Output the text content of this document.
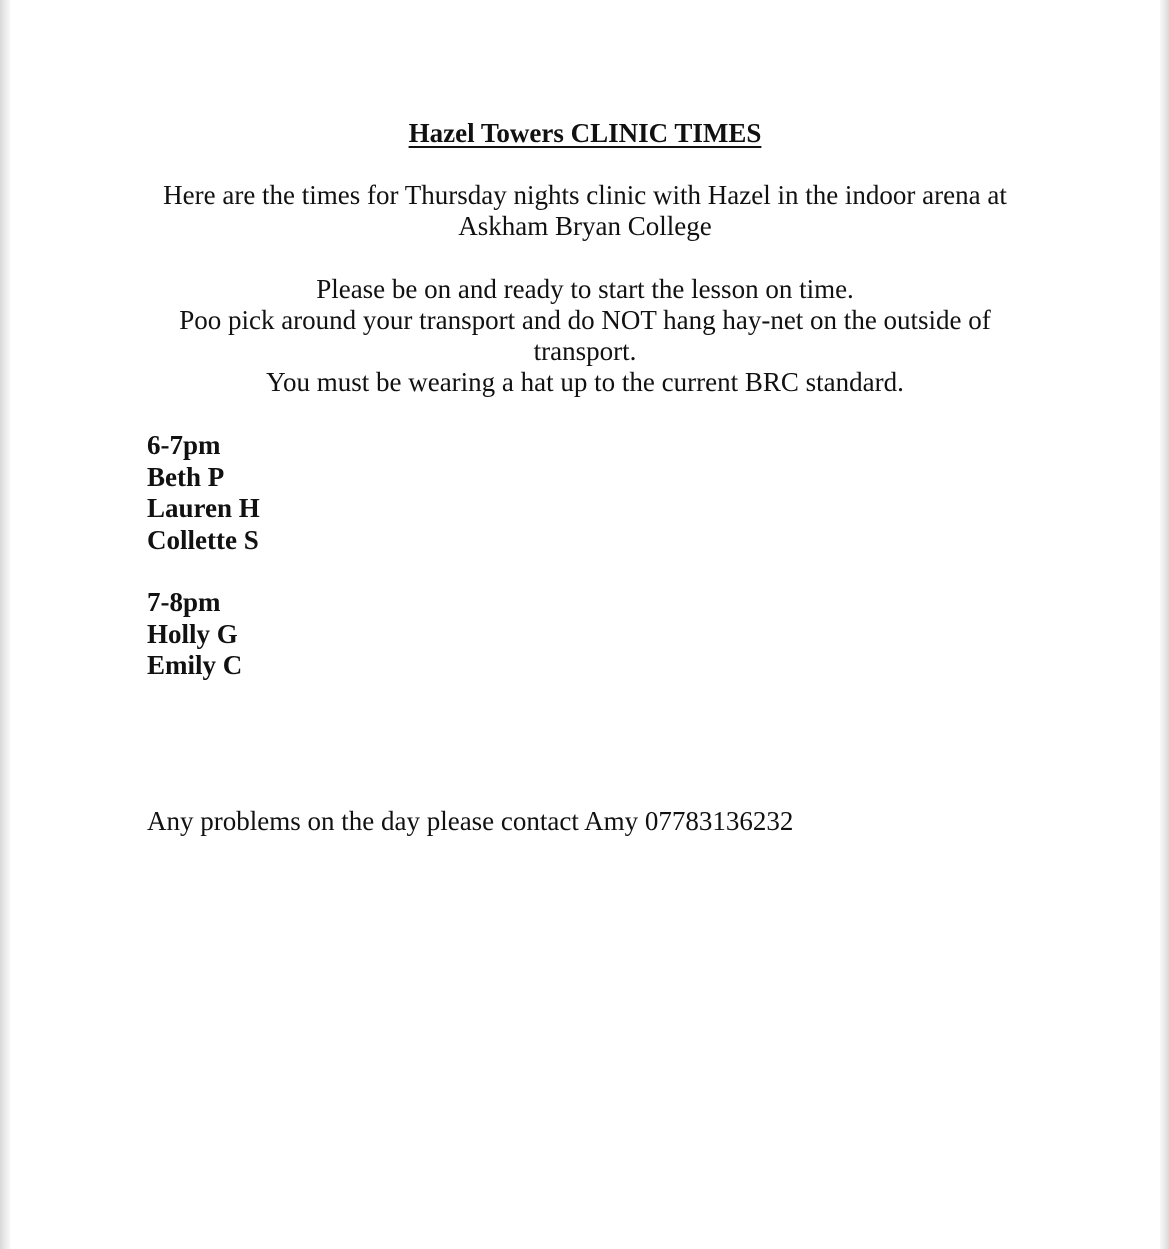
Hazel Towers CLINIC TIMES

Here are the times for Thursday nights clinic with Hazel in the indoor arena at
Askham Bryan College

Please be on and ready to start the lesson on time.
Poo pick around your transport and do NOT hang hay-net on the outside of
transport.
You must be wearing a hat up to the current BRC standard.

6-7pm
Beth P
Lauren H
Collette S

7-8pm
Holly G
Emily C

Any problems on the day please contact Amy 07783136232
